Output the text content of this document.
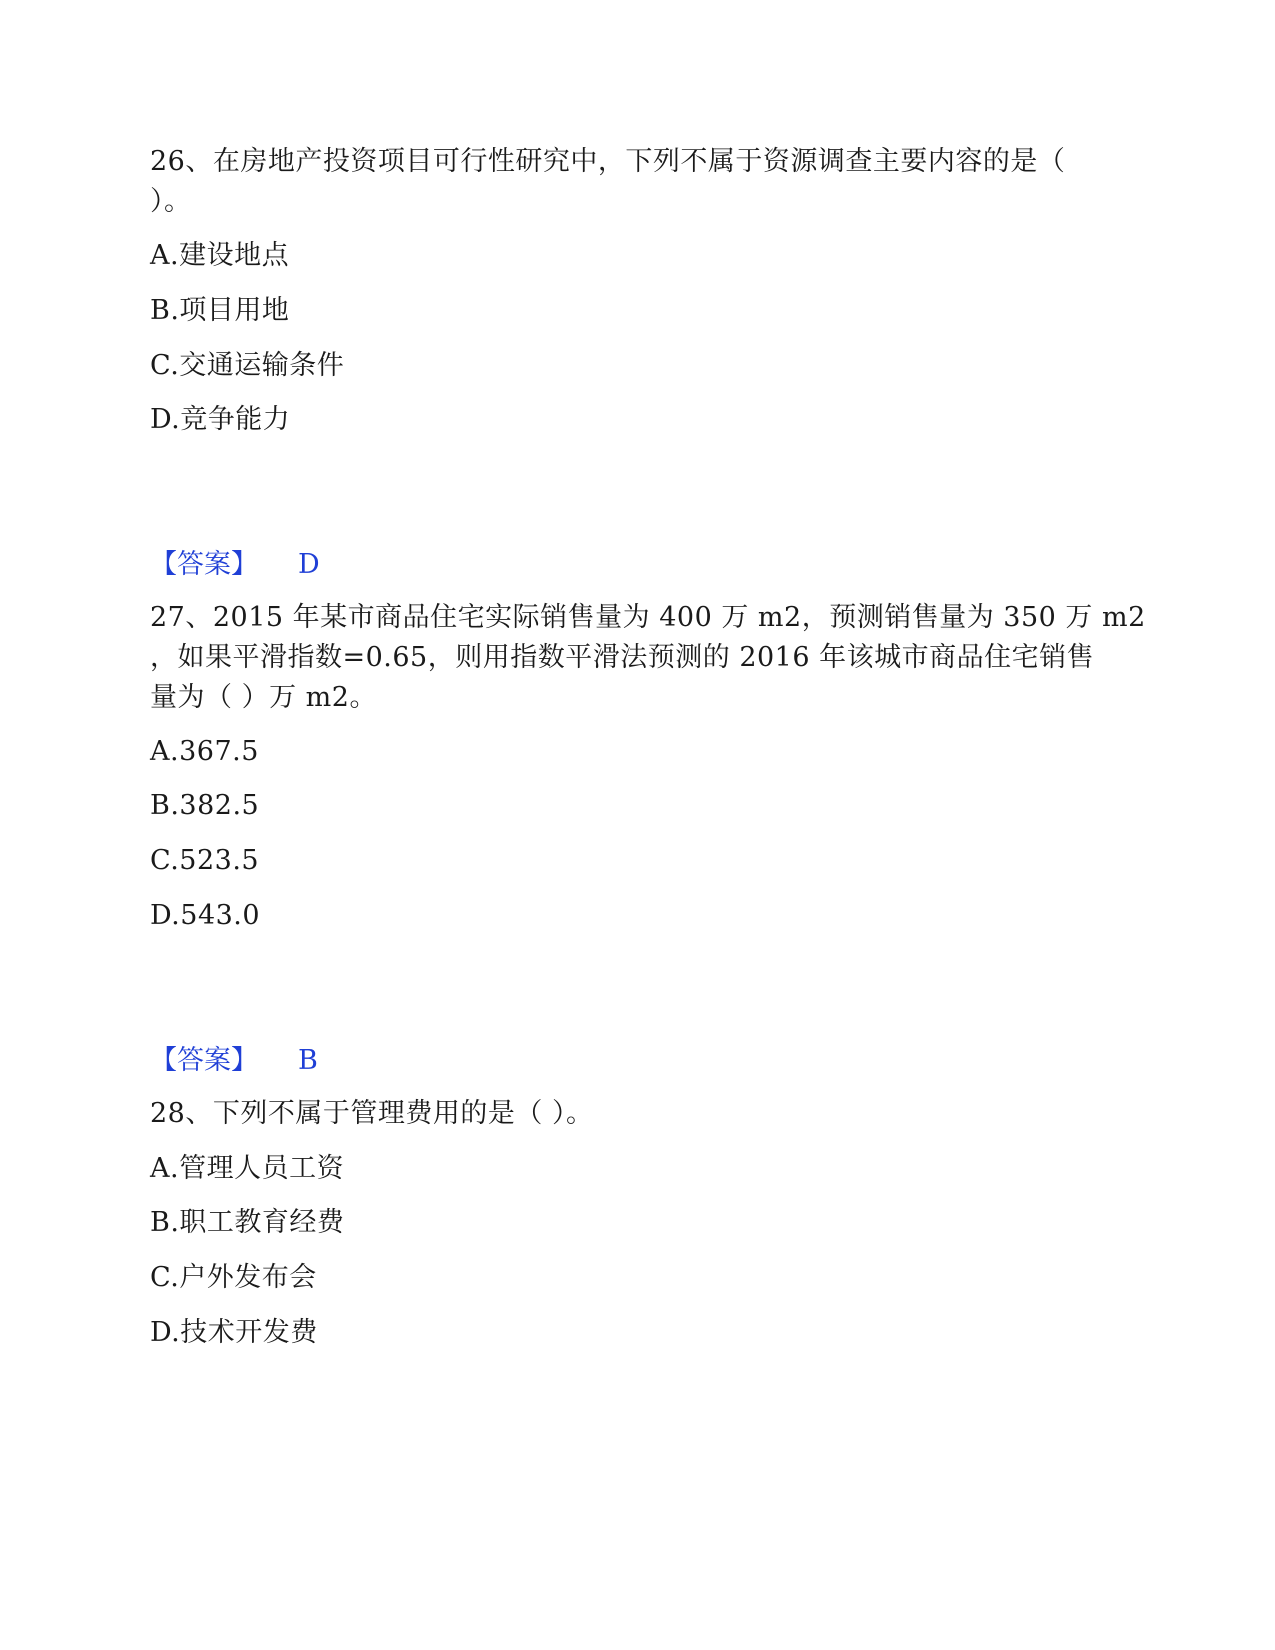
26、在房地产投资项目可行性研究中，下列不属于资源调查主要内容的是（
）。
A.建设地点
B.项目用地
C.交通运输条件
D.竞争能力
【答案】 D
27、2015 年某市商品住宅实际销售量为 400 万 m2，预测销售量为 350 万 m2
，如果平滑指数=0.65，则用指数平滑法预测的 2016 年该城市商品住宅销售
量为（ ）万 m2。
A.367.5
B.382.5
C.523.5
D.543.0
【答案】 B
28、下列不属于管理费用的是（ ）。
A.管理人员工资
B.职工教育经费
C.户外发布会
D.技术开发费
